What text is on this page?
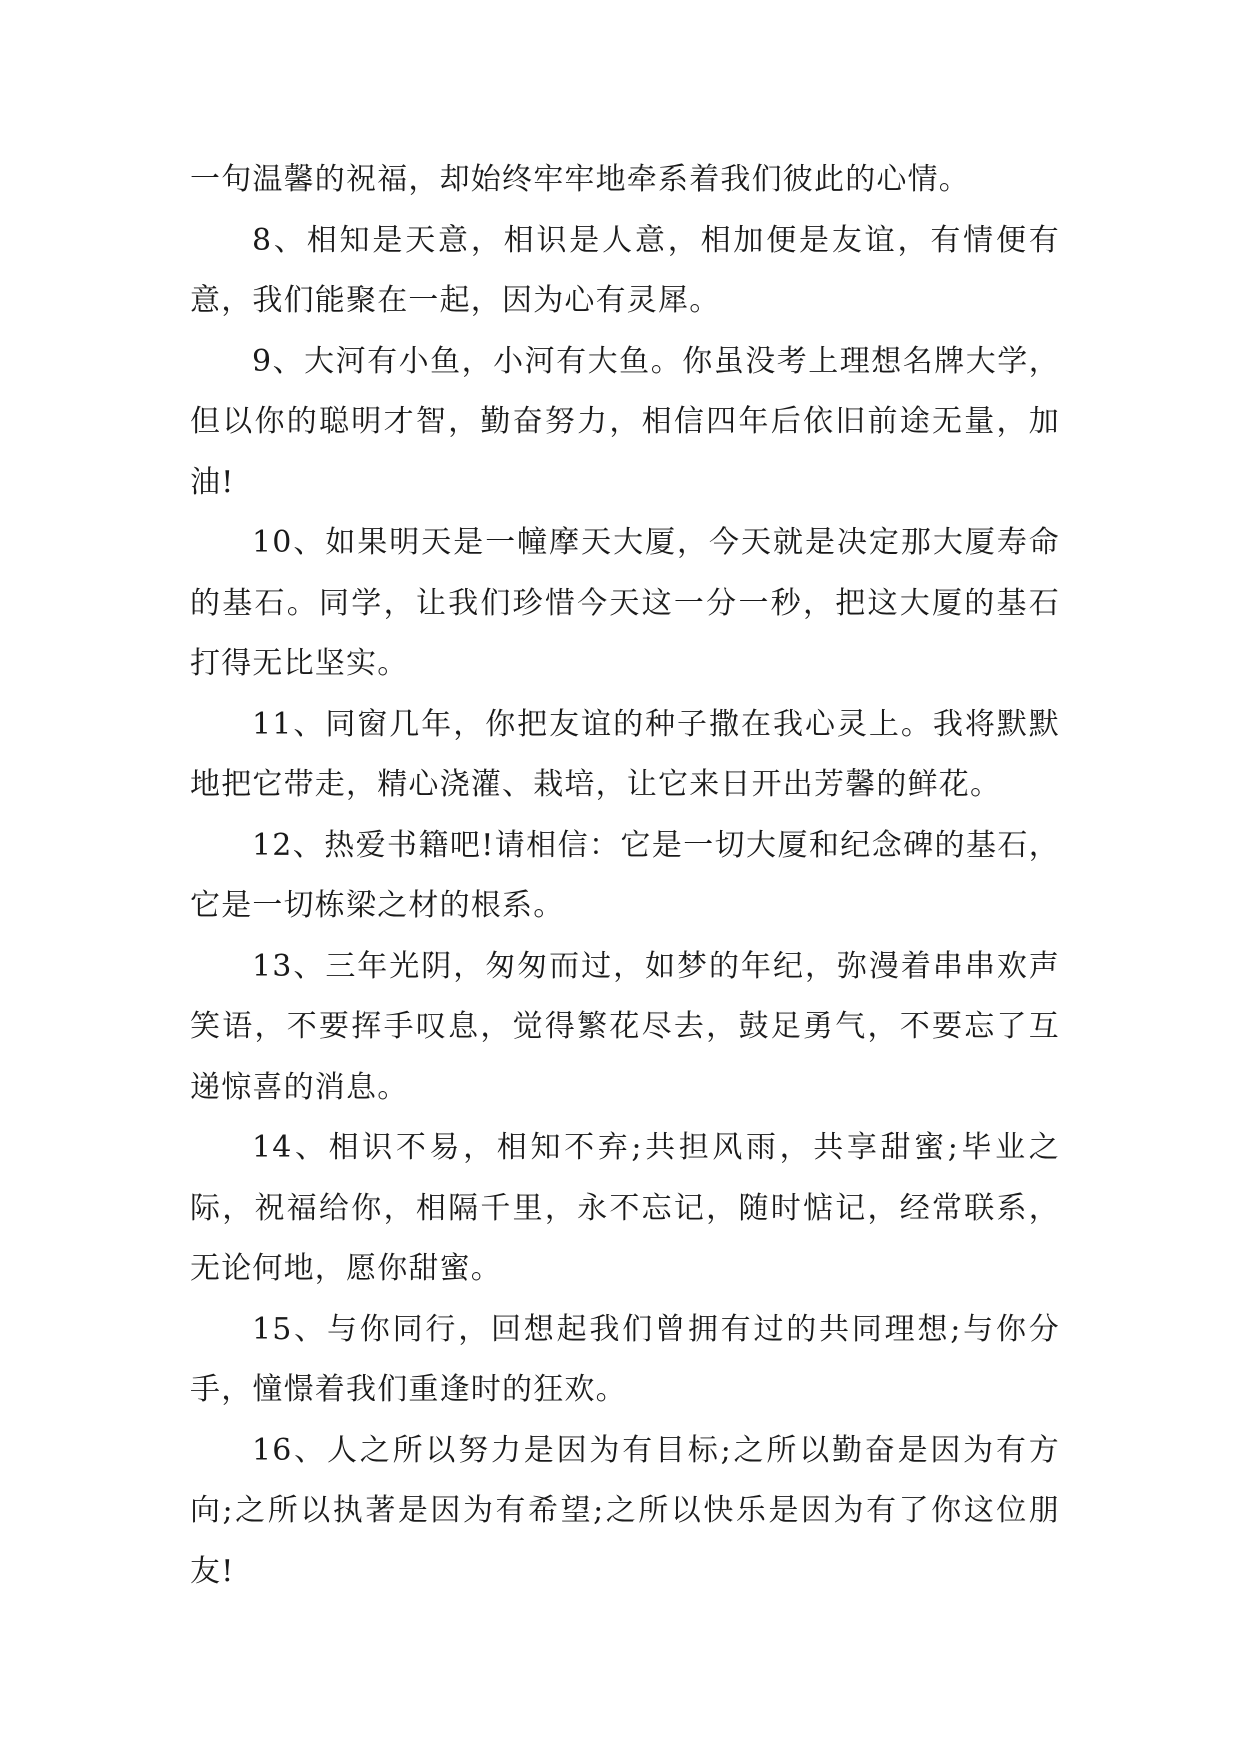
一句温馨的祝福，却始终牢牢地牵系着我们彼此的心情。

8、相知是天意，相识是人意，相加便是友谊，有情便有意，我们能聚在一起，因为心有灵犀。

9、大河有小鱼，小河有大鱼。你虽没考上理想名牌大学，但以你的聪明才智，勤奋努力，相信四年后依旧前途无量，加油!

10、如果明天是一幢摩天大厦，今天就是决定那大厦寿命的基石。同学，让我们珍惜今天这一分一秒，把这大厦的基石打得无比坚实。

11、同窗几年，你把友谊的种子撒在我心灵上。我将默默地把它带走，精心浇灌、栽培，让它来日开出芳馨的鲜花。

12、热爱书籍吧!请相信：它是一切大厦和纪念碑的基石，它是一切栋梁之材的根系。

13、三年光阴，匆匆而过，如梦的年纪，弥漫着串串欢声笑语，不要挥手叹息，觉得繁花尽去，鼓足勇气，不要忘了互递惊喜的消息。

14、相识不易，相知不弃;共担风雨，共享甜蜜;毕业之际，祝福给你，相隔千里，永不忘记，随时惦记，经常联系，无论何地，愿你甜蜜。

15、与你同行，回想起我们曾拥有过的共同理想;与你分手，憧憬着我们重逢时的狂欢。

16、人之所以努力是因为有目标;之所以勤奋是因为有方向;之所以执著是因为有希望;之所以快乐是因为有了你这位朋友!
